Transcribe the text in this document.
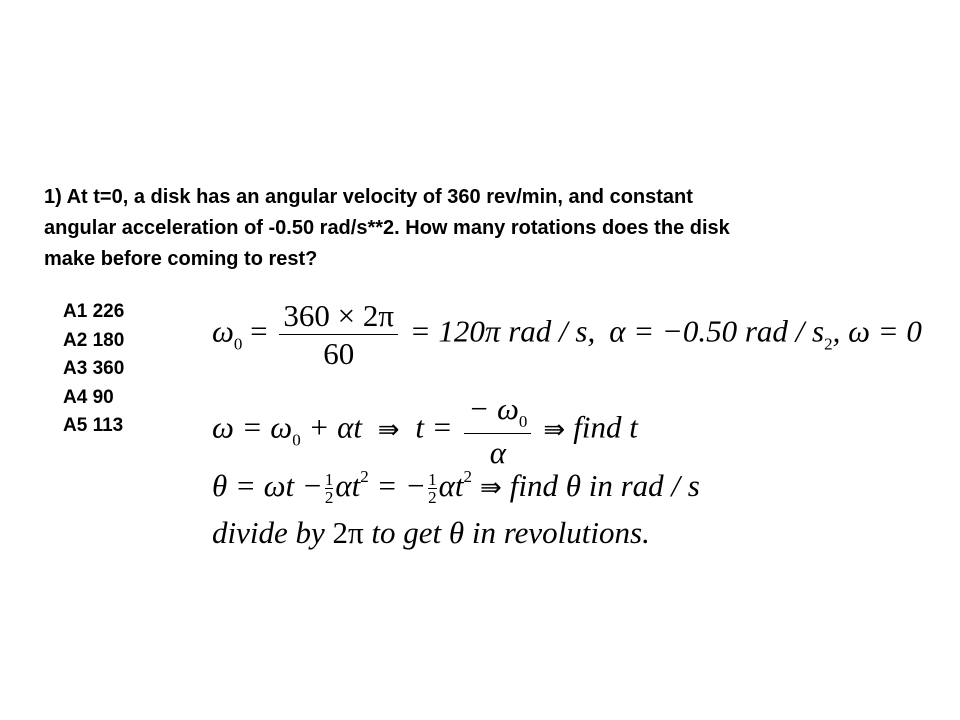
1) At t=0, a disk has an angular velocity of 360 rev/min, and constant
angular acceleration of -0.50 rad/s**2. How many rotations does the disk
make before coming to rest?
A1 226
A2 180
A3 360
A4 90
A5 113
$\omega_0 = \frac{360 \times 2\pi}{60} = 120\pi$ rad / s, α = −0.50 rad / $s_2$, ω = 0
$\omega = \omega_0 + \alpha t$ ⇛ $t = \frac{- \omega_0}{\alpha}$ ⇛ find t
$\theta = \omega t - \frac{1}{2} \alpha t^2$ = − $\frac{1}{2} \alpha t^2$ ⇛ find θ in rad / s
divide by 2π to get θ in revolutions.
